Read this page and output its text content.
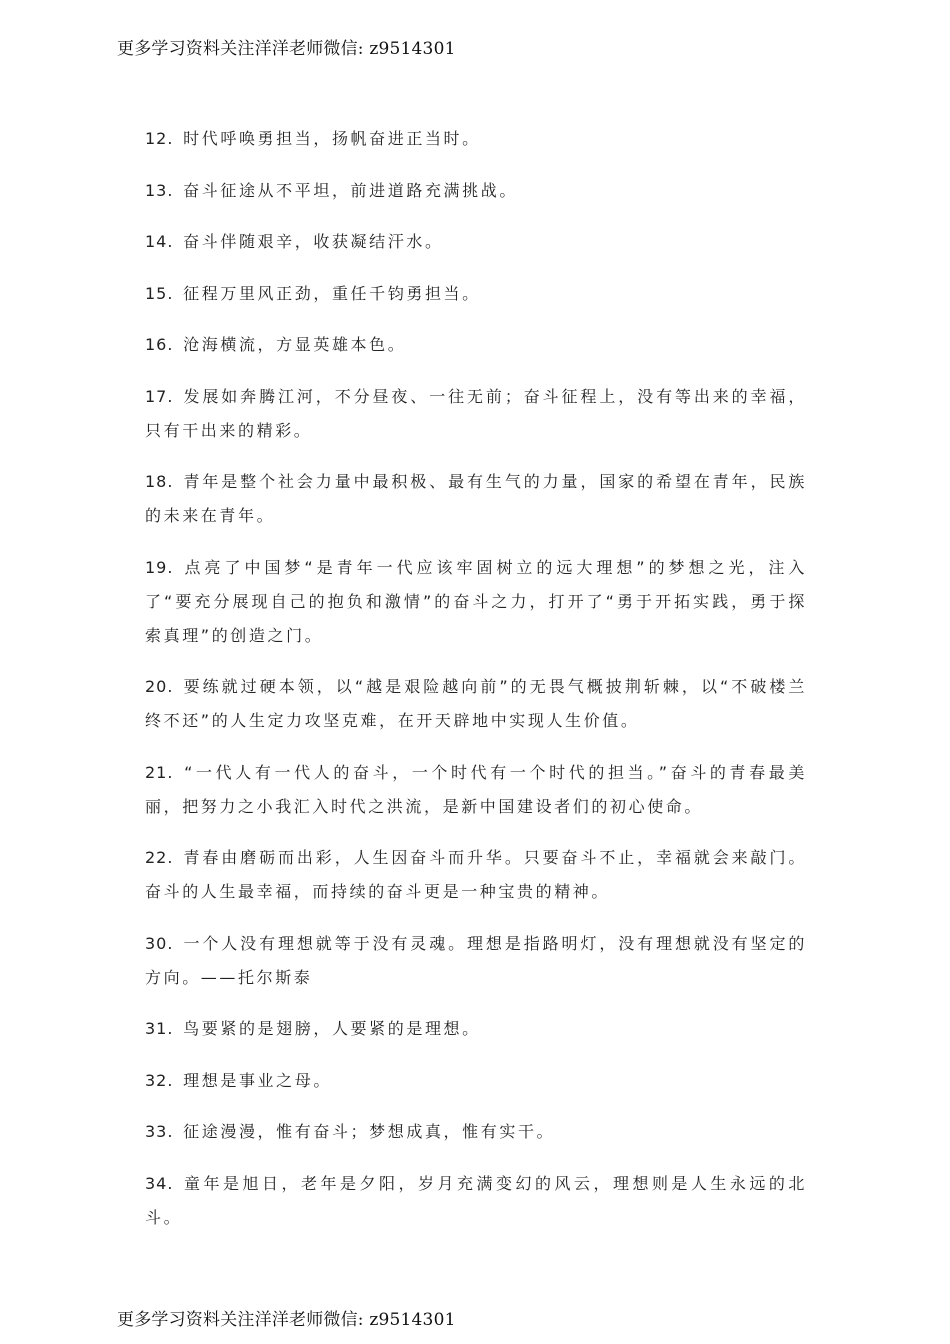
更多学习资料关注洋洋老师微信: z9514301
12. 时代呼唤勇担当，扬帆奋进正当时。
13. 奋斗征途从不平坦，前进道路充满挑战。
14. 奋斗伴随艰辛，收获凝结汗水。
15. 征程万里风正劲，重任千钧勇担当。
16. 沧海横流，方显英雄本色。
17. 发展如奔腾江河，不分昼夜、一往无前；奋斗征程上，没有等出来的幸福，只有干出来的精彩。
18. 青年是整个社会力量中最积极、最有生气的力量，国家的希望在青年，民族的未来在青年。
19. 点亮了中国梦“是青年一代应该牢固树立的远大理想”的梦想之光，注入了“要充分展现自己的抱负和激情”的奋斗之力，打开了“勇于开拓实践，勇于探索真理”的创造之门。
20. 要练就过硬本领，以“越是艰险越向前”的无畏气概披荆斩棘，以“不破楼兰终不还”的人生定力攻坚克难，在开天辟地中实现人生价值。
21. “一代人有一代人的奋斗，一个时代有一个时代的担当。”奋斗的青春最美丽，把努力之小我汇入时代之洪流，是新中国建设者们的初心使命。
22. 青春由磨砺而出彩，人生因奋斗而升华。只要奋斗不止，幸福就会来敲门。奋斗的人生最幸福，而持续的奋斗更是一种宝贵的精神。
30. 一个人没有理想就等于没有灵魂。理想是指路明灯，没有理想就没有坚定的方向。——托尔斯泰
31. 鸟要紧的是翅膀，人要紧的是理想。
32. 理想是事业之母。
33. 征途漫漫，惟有奋斗；梦想成真，惟有实干。
34. 童年是旭日，老年是夕阳，岁月充满变幻的风云，理想则是人生永远的北斗。
更多学习资料关注洋洋老师微信: z9514301
